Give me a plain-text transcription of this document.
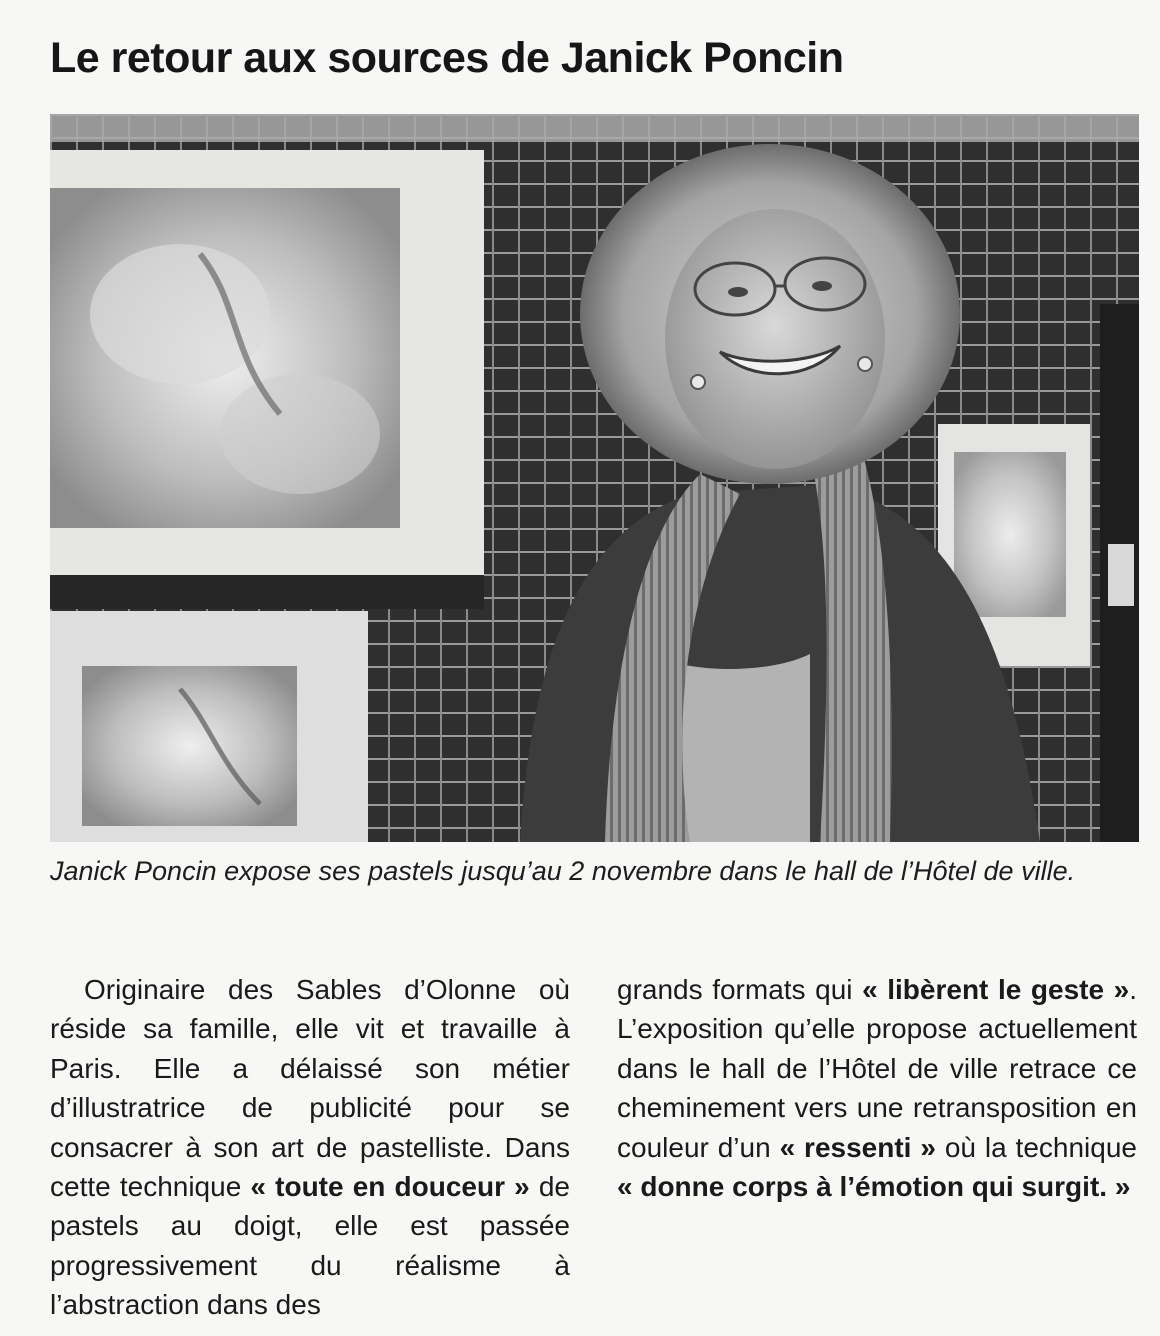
Le retour aux sources de Janick Poncin

Janick Poncin expose ses pastels jusqu’au 2 novembre dans le hall de l’Hôtel de ville.

Originaire des Sables d’Olonne où réside sa famille, elle vit et travaille à Paris. Elle a délaissé son métier d’illustratrice de publicité pour se consacrer à son art de pastelliste. Dans cette technique « toute en douceur » de pastels au doigt, elle est passée progressivement du réalisme à l’abstraction dans des

grands formats qui « libèrent le geste ». L’exposition qu’elle propose actuellement dans le hall de l’Hôtel de ville retrace ce cheminement vers une retransposition en couleur d’un « ressenti » où la technique « donne corps à l’émotion qui surgit. »
